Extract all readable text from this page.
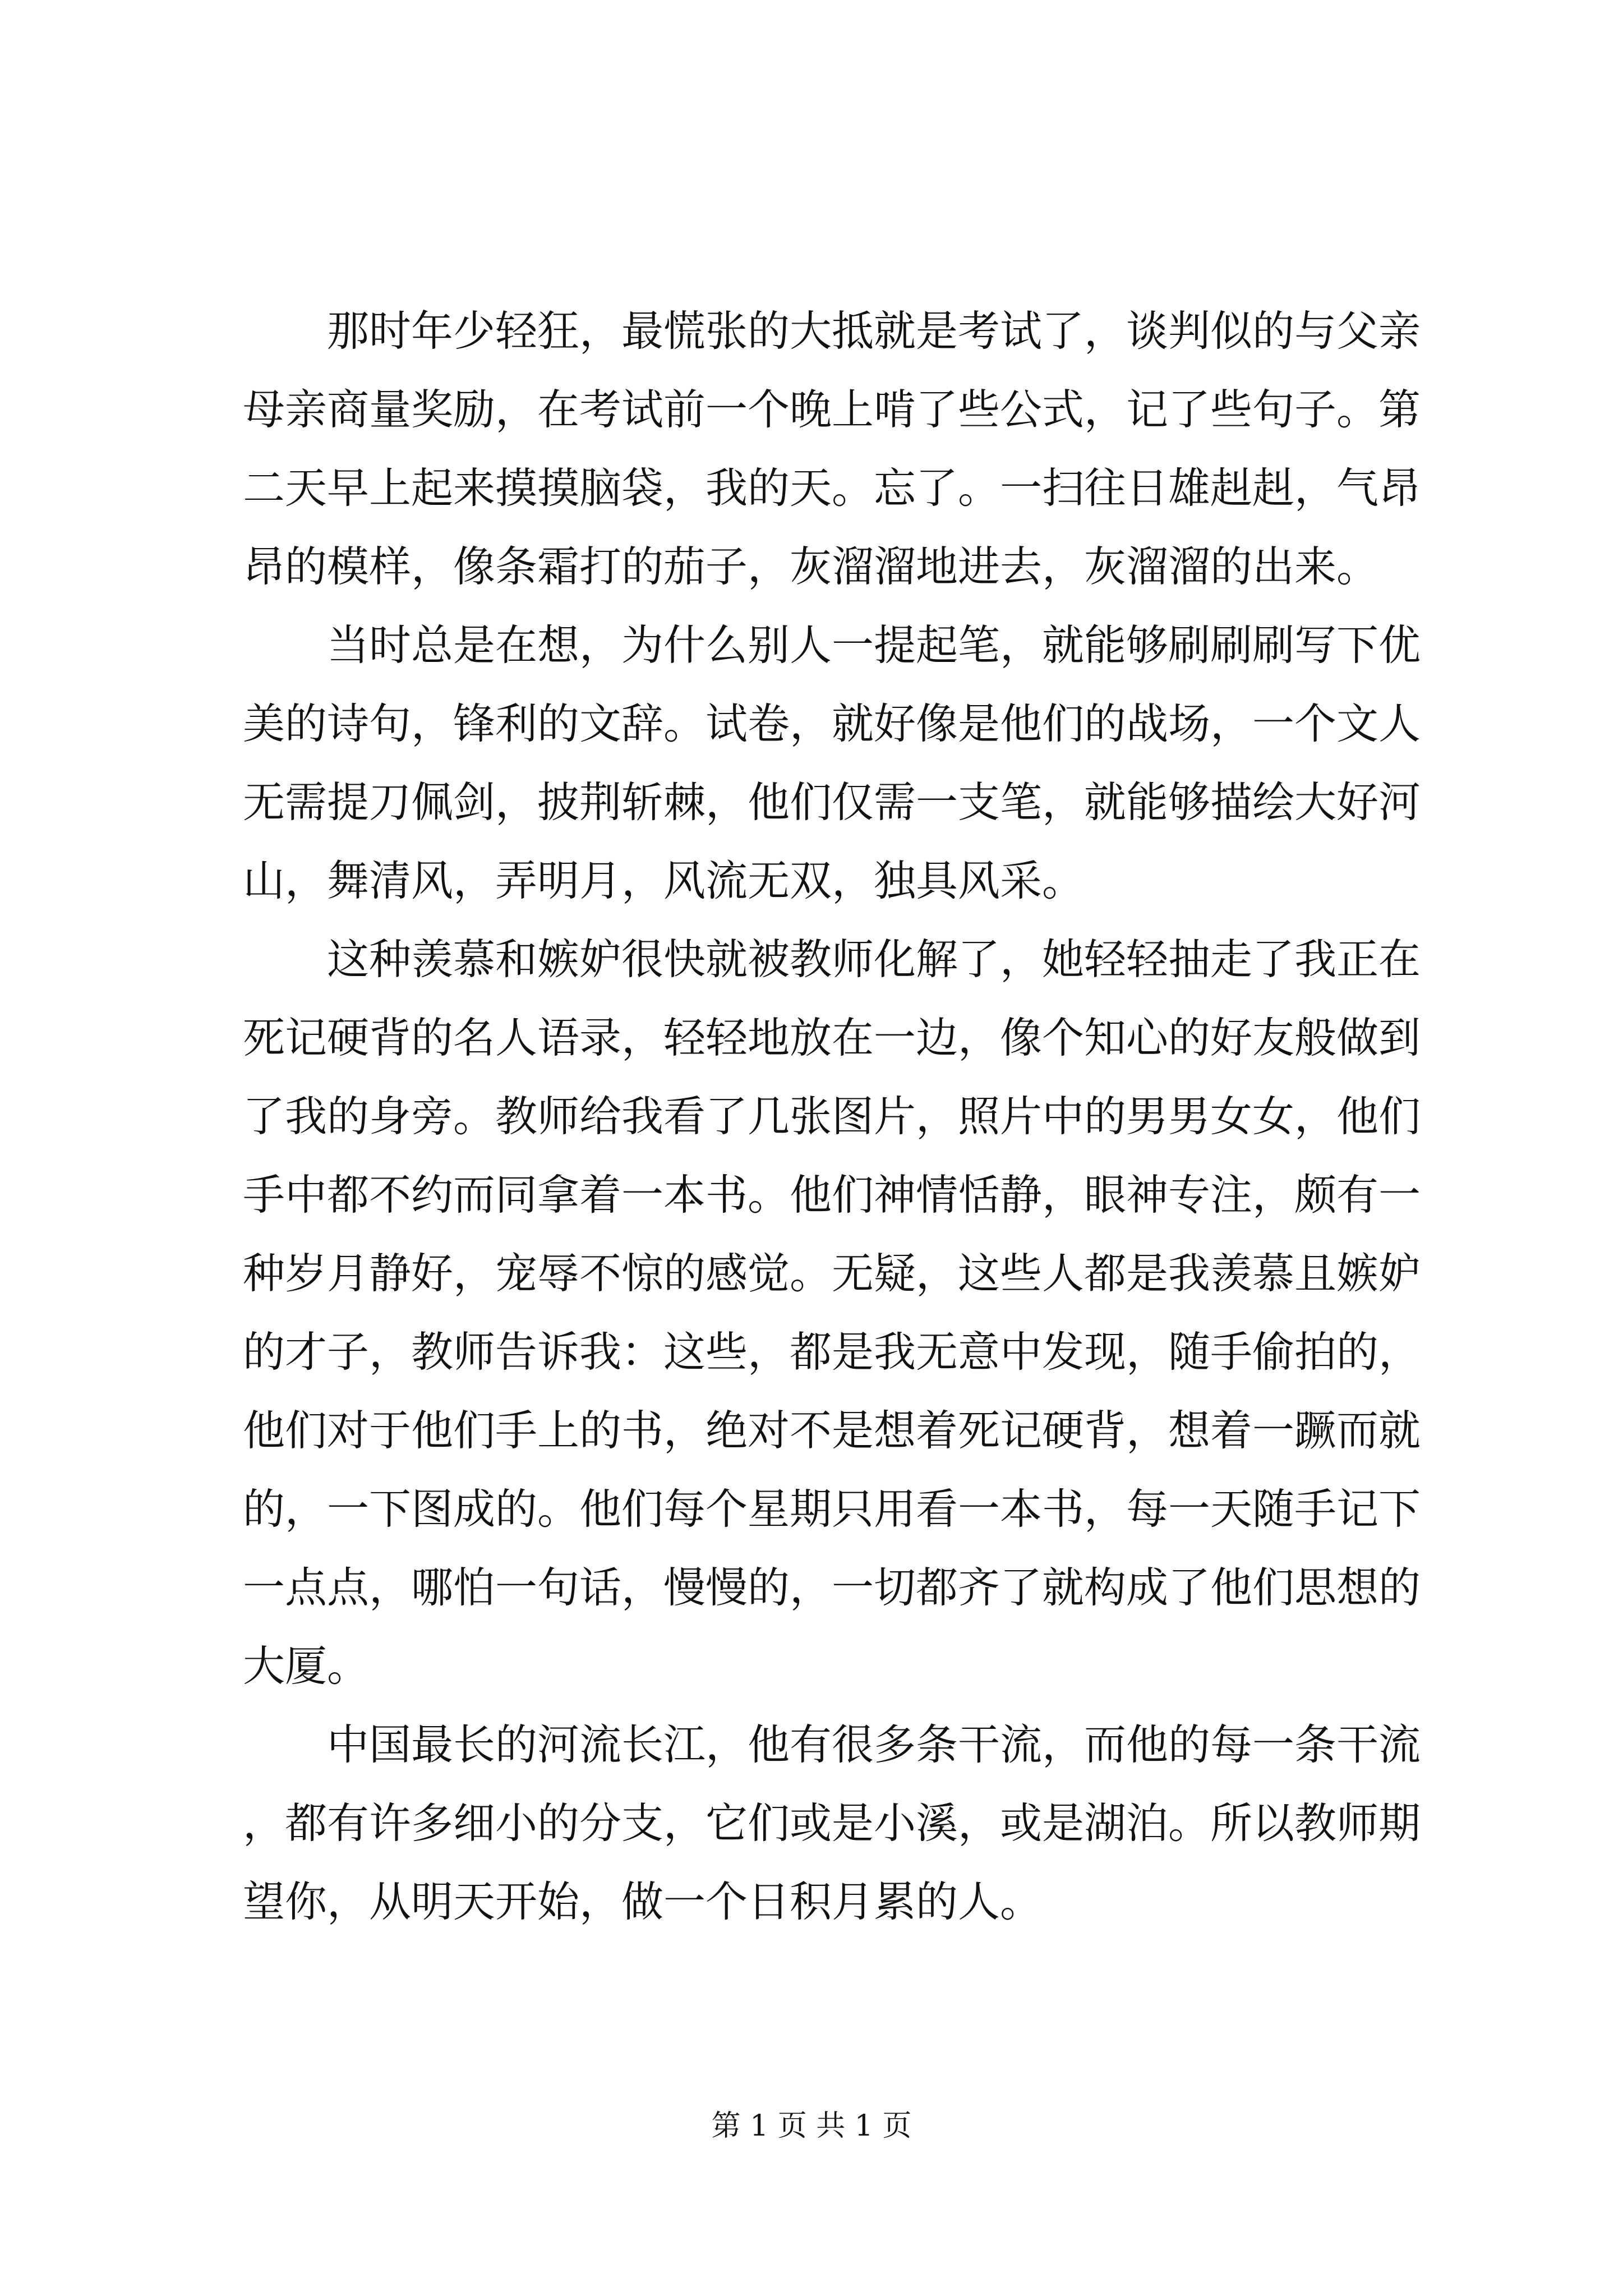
那时年少轻狂，最慌张的大抵就是考试了，谈判似的与父亲母亲商量奖励，在考试前一个晚上啃了些公式，记了些句子。第二天早上起来摸摸脑袋，我的天。忘了。一扫往日雄赳赳，气昂昂的模样，像条霜打的茄子，灰溜溜地进去，灰溜溜的出来。

当时总是在想，为什么别人一提起笔，就能够刷刷刷写下优美的诗句，锋利的文辞。试卷，就好像是他们的战场，一个文人无需提刀佩剑，披荆斩棘，他们仅需一支笔，就能够描绘大好河山，舞清风，弄明月，风流无双，独具风采。

这种羡慕和嫉妒很快就被教师化解了，她轻轻抽走了我正在死记硬背的名人语录，轻轻地放在一边，像个知心的好友般做到了我的身旁。教师给我看了几张图片，照片中的男男女女，他们手中都不约而同拿着一本书。他们神情恬静，眼神专注，颇有一种岁月静好，宠辱不惊的感觉。无疑，这些人都是我羡慕且嫉妒的才子，教师告诉我：这些，都是我无意中发现，随手偷拍的，他们对于他们手上的书，绝对不是想着死记硬背，想着一蹶而就的，一下图成的。他们每个星期只用看一本书，每一天随手记下一点点，哪怕一句话，慢慢的，一切都齐了就构成了他们思想的大厦。

中国最长的河流长江，他有很多条干流，而他的每一条干流，都有许多细小的分支，它们或是小溪，或是湖泊。所以教师期望你，从明天开始，做一个日积月累的人。

第 1 页 共 1 页
